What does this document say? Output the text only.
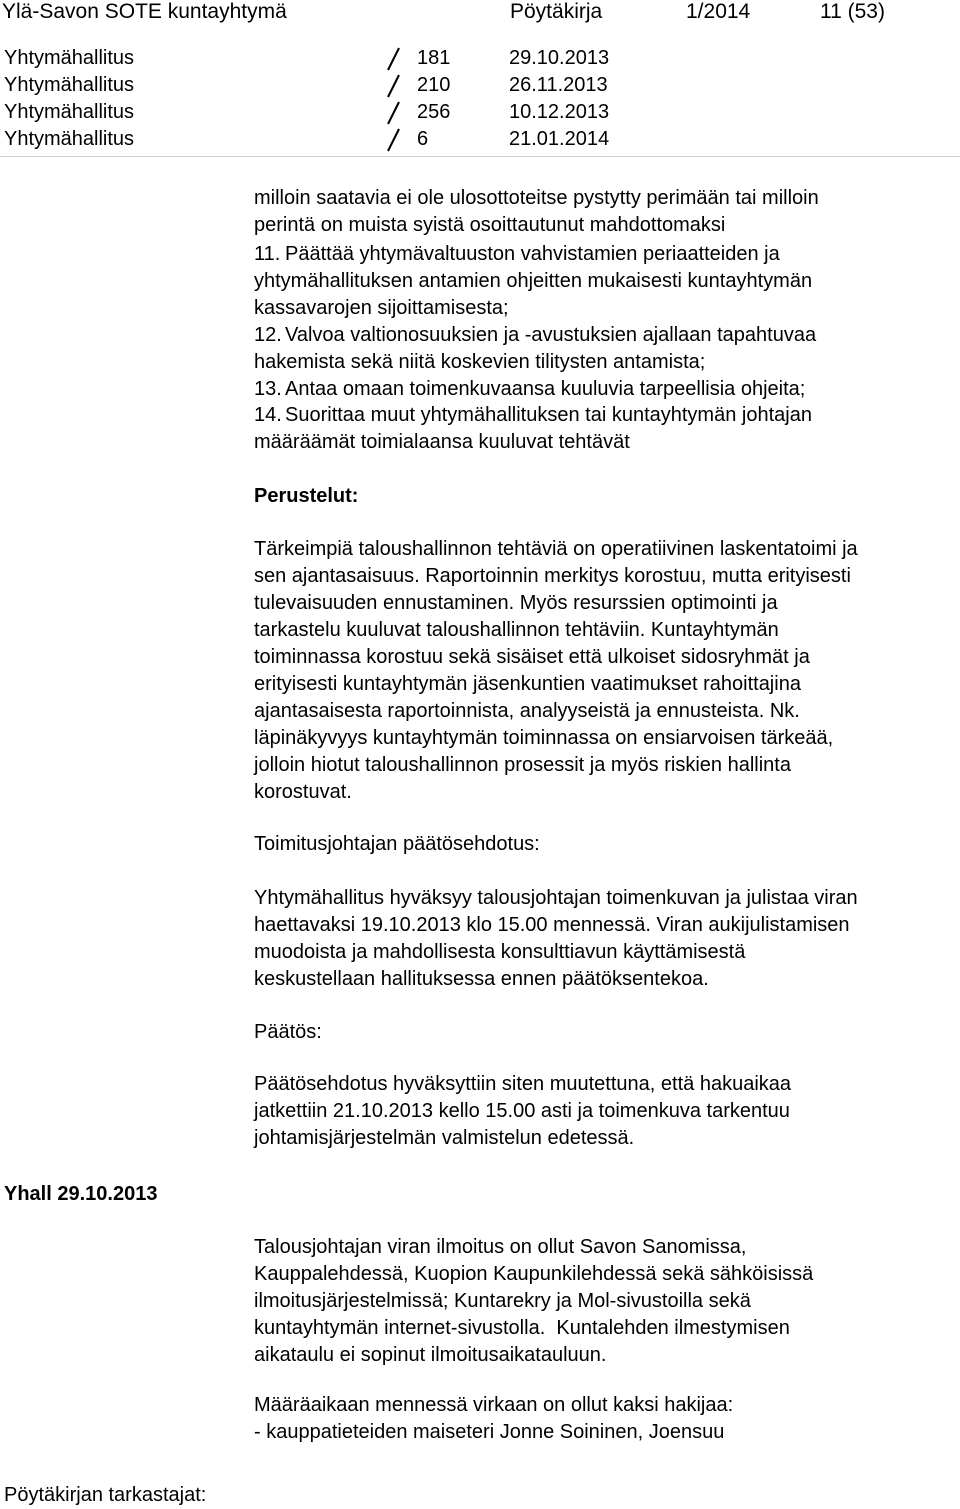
Ylä-Savon SOTE kuntayhtymä	Pöytäkirja	1/2014	11 (53)
Yhtymähallitus	181	29.10.2013
Yhtymähallitus	210	26.11.2013
Yhtymähallitus	256	10.12.2013
Yhtymähallitus	6	21.01.2014
milloin saatavia ei ole ulosottoteitse pystytty perimään tai milloin
perintä on muista syistä osoittautunut mahdottomaksi
11. Päättää yhtymävaltuuston vahvistamien periaatteiden ja
yhtymähallituksen antamien ohjeitten mukaisesti kuntayhtymän
kassavarojen sijoittamisesta;
12. Valvoa valtionosuuksien ja -avustuksien ajallaan tapahtuvaa
hakemista sekä niitä koskevien tilitysten antamista;
13. Antaa omaan toimenkuvaansa kuuluvia tarpeellisia ohjeita;
14. Suorittaa muut yhtymähallituksen tai kuntayhtymän johtajan
määräämät toimialaansa kuuluvat tehtävät
Perustelut:
Tärkeimpiä taloushallinnon tehtäviä on operatiivinen laskentatoimi ja
sen ajantasaisuus. Raportoinnin merkitys korostuu, mutta erityisesti
tulevaisuuden ennustaminen. Myös resurssien optimointi ja
tarkastelu kuuluvat taloushallinnon tehtäviin. Kuntayhtymän
toiminnassa korostuu sekä sisäiset että ulkoiset sidosryhmät ja
erityisesti kuntayhtymän jäsenkuntien vaatimukset rahoittajina
ajantasaisesta raportoinnista, analyyseistä ja ennusteista. Nk.
läpinäkyvyys kuntayhtymän toiminnassa on ensiarvoisen tärkeää,
jolloin hiotut taloushallinnon prosessit ja myös riskien hallinta
korostuvat.
Toimitusjohtajan päätösehdotus:
Yhtymähallitus hyväksyy talousjohtajan toimenkuvan ja julistaa viran
haettavaksi 19.10.2013 klo 15.00 mennessä. Viran aukijulistamisen
muodoista ja mahdollisesta konsulttiavun käyttämisestä
keskustellaan hallituksessa ennen päätöksentekoa.
Päätös:
Päätösehdotus hyväksyttiin siten muutettuna, että hakuaikaa
jatkettiin 21.10.2013 kello 15.00 asti ja toimenkuva tarkentuu
johtamisjärjestelmän valmistelun edetessä.
Yhall 29.10.2013
Talousjohtajan viran ilmoitus on ollut Savon Sanomissa,
Kauppalehdessä, Kuopion Kaupunkilehdessä sekä sähköisissä
ilmoitusjärjestelmissä; Kuntarekry ja Mol-sivustoilla sekä
kuntayhtymän internet-sivustolla.  Kuntalehden ilmestymisen
aikataulu ei sopinut ilmoitusaikatauluun.
Määräaikaan mennessä virkaan on ollut kaksi hakijaa:
- kauppatieteiden maiseteri Jonne Soininen, Joensuu
Pöytäkirjan tarkastajat:
